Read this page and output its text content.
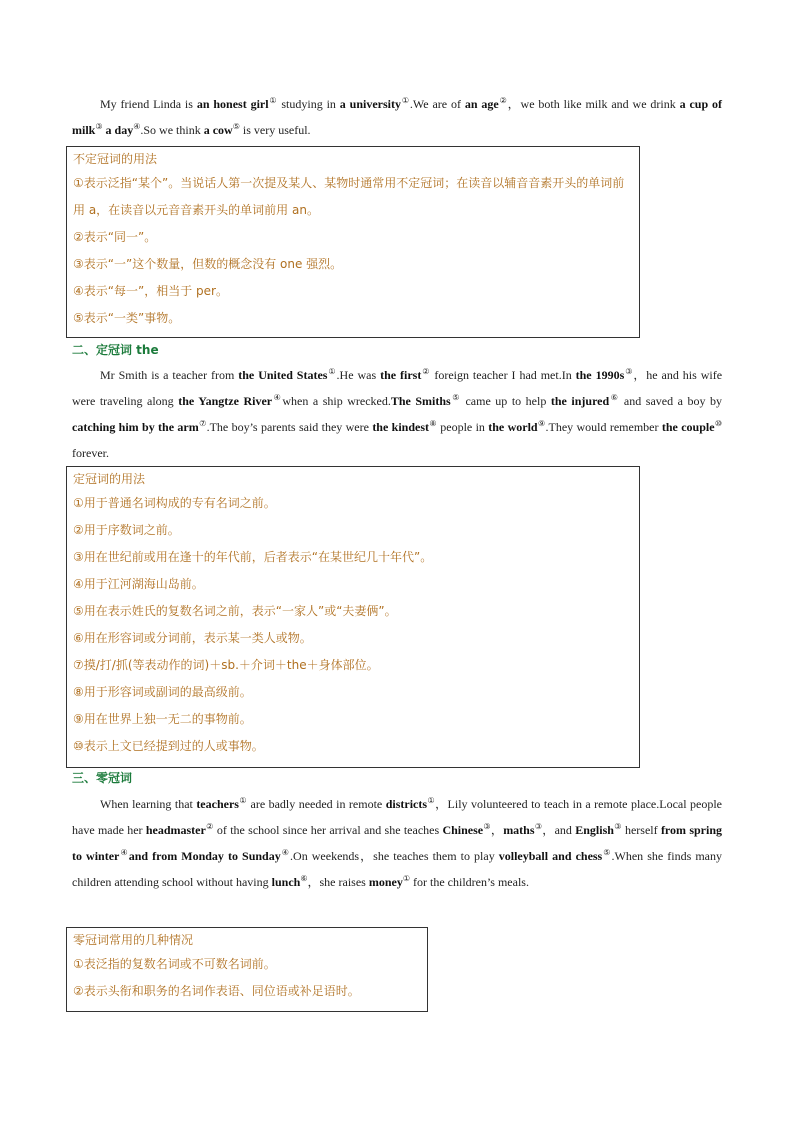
My friend Linda is an honest girl① studying in a university①.We are of an age②，we both like milk and we drink a cup of milk③ a day④.So we think a cow⑤ is very useful.
不定冠词的用法
①表示泛指“某个”。当说话人第一次提及某人、某物时通常用不定冠词；在读音以辅音音素开头的单词前用 a，在读音以元音音素开头的单词前用 an。
②表示“同一”。
③表示“一”这个数量，但数的概念没有 one 强烈。
④表示“每一”，相当于 per。
⑤表示“一类”事物。
二、定冠词 the
Mr Smith is a teacher from the United States①.He was the first② foreign teacher I had met.In the 1990s③，he and his wife were traveling along the Yangtze River④when a ship wrecked.The Smiths⑤ came up to help the injured⑥ and saved a boy by catching him by the arm⑦.The boy’s parents said they were the kindest⑧ people in the world⑨.They would remember the couple⑩ forever.
定冠词的用法
①用于普通名词构成的专有名词之前。
②用于序数词之前。
③用在世纪前或用在逢十的年代前，后者表示“在某世纪几十年代”。
④用于江河湖海山岛前。
⑤用在表示姓氏的复数名词之前，表示“一家人”或“夫妻俩”。
⑥用在形容词或分词前，表示某一类人或物。
⑦摸/打/抓(等表动作的词)＋sb.＋介词＋the＋身体部位。
⑧用于形容词或副词的最高级前。
⑨用在世界上独一无二的事物前。
⑩表示上文已经提到过的人或事物。
三、零冠词
When learning that teachers① are badly needed in remote districts①，Lily volunteered to teach in a remote place.Local people have made her headmaster② of the school since her arrival and she teaches Chinese③，maths③，and English③ herself from spring to winter④and from Monday to Sunday④.On weekends，she teaches them to play volleyball and chess⑤.When she finds many children attending school without having lunch⑥，she raises money① for the children’s meals.
零冠词常用的几种情况
①表泛指的复数名词或不可数名词前。
②表示头衔和职务的名词作表语、同位语或补足语时。
